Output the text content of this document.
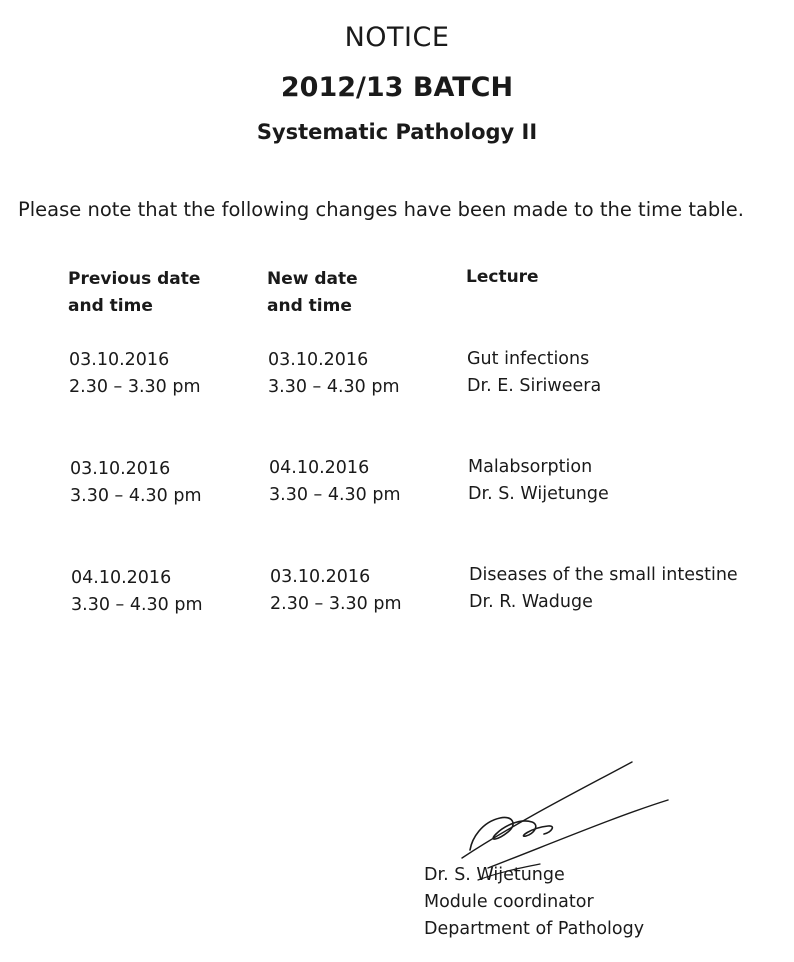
NOTICE
2012/13 BATCH
Systematic Pathology II
Please note that the following changes have been made to the time table.
Previous date
and time
New date
and time
Lecture
03.10.2016
2.30 – 3.30 pm
03.10.2016
3.30 – 4.30 pm
Gut infections
Dr. E. Siriweera
03.10.2016
3.30 – 4.30 pm
04.10.2016
3.30 – 4.30 pm
Malabsorption
Dr. S. Wijetunge
04.10.2016
3.30 – 4.30 pm
03.10.2016
2.30 – 3.30 pm
Diseases of the small intestine
Dr. R. Waduge
Dr. S. Wijetunge
Module coordinator
Department of Pathology
